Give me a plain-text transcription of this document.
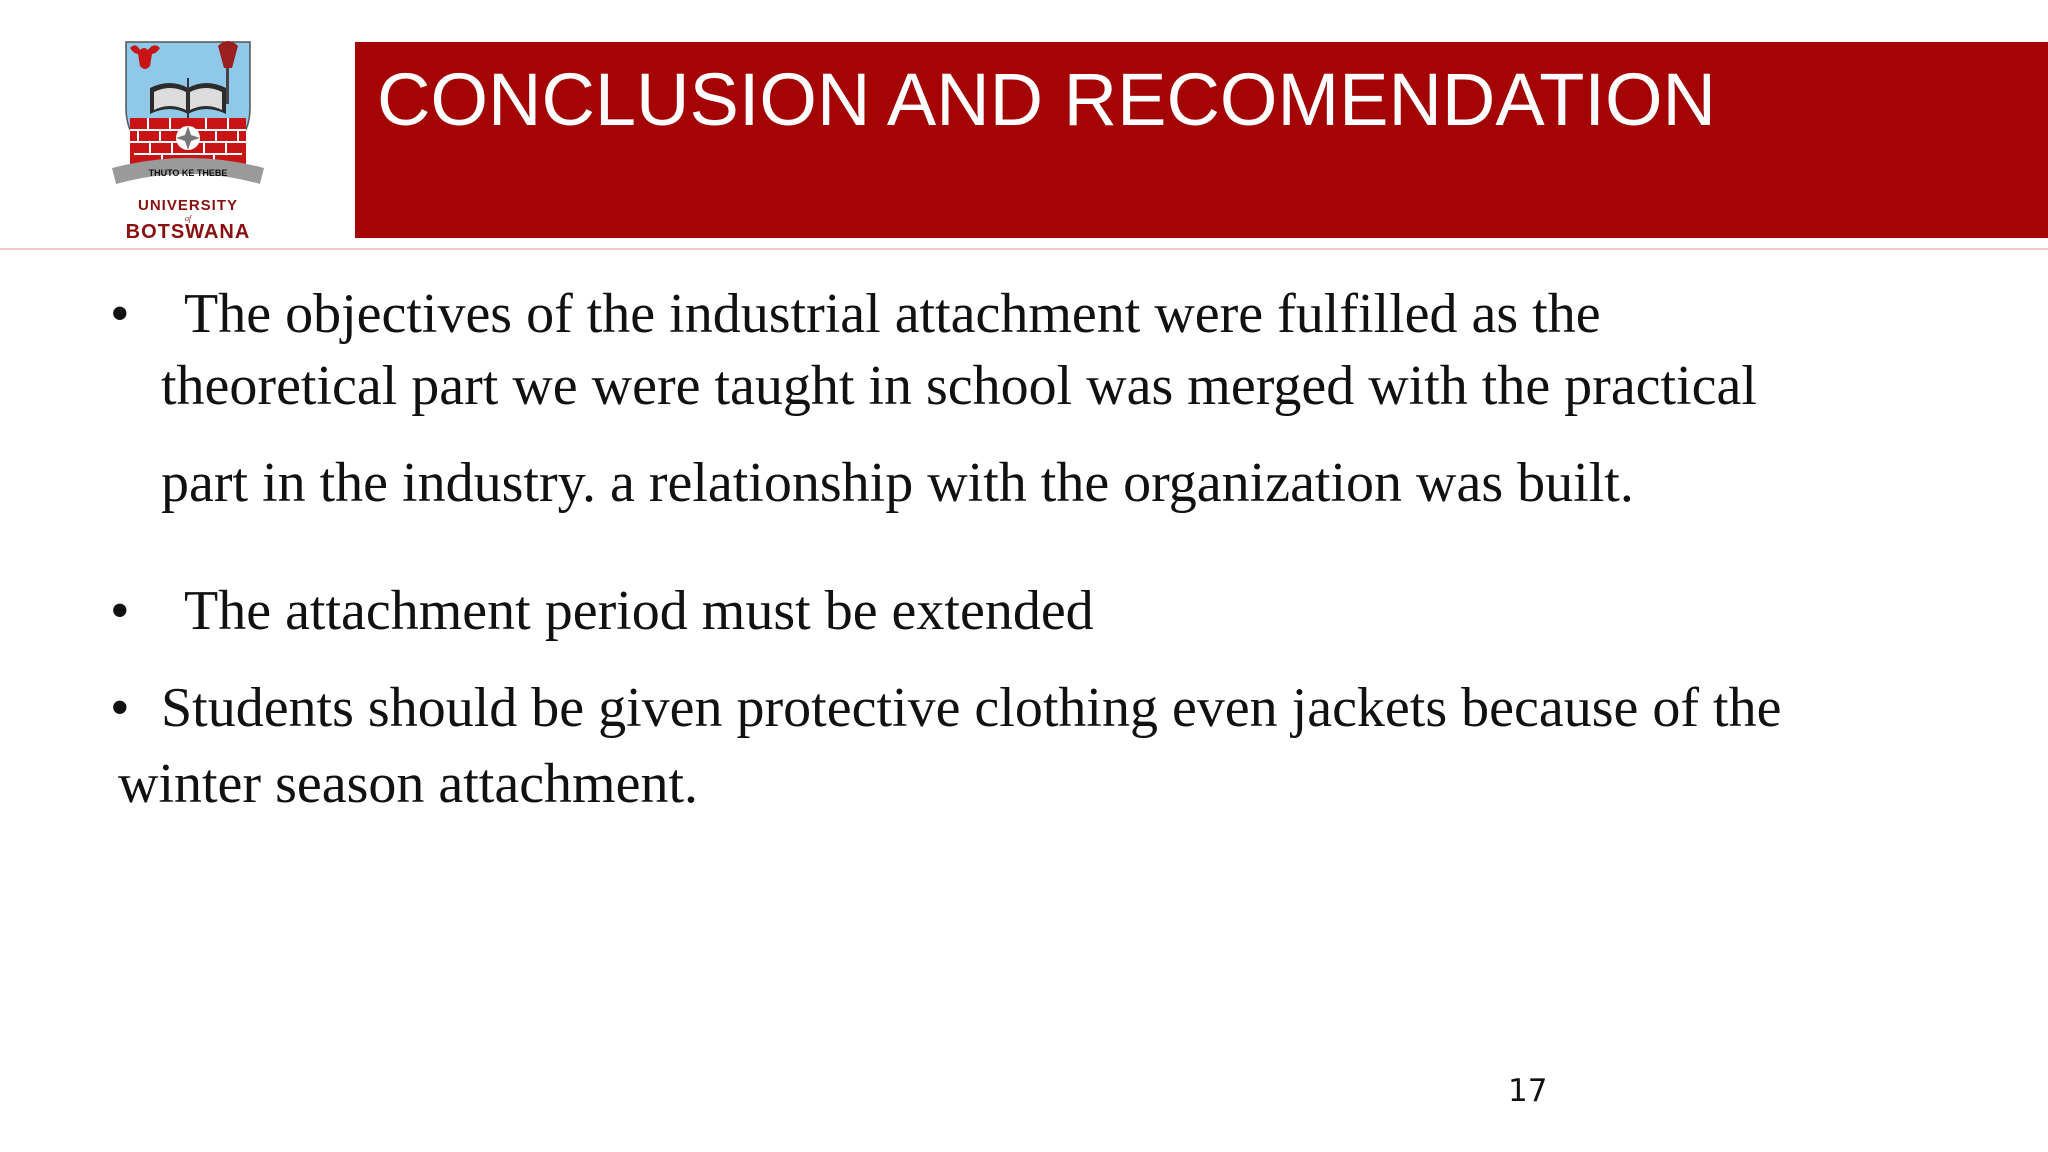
THUTO KE THEBE
UNIVERSITY
of
BOTSWANA
CONCLUSION AND RECOMENDATION
• The objectives of the industrial attachment were fulfilled as the
theoretical part we were taught in school was merged with the practical
part in the industry. a relationship with the organization was built.
• The attachment period must be extended
• Students should be given protective clothing even jackets because of the
winter season attachment.
17
